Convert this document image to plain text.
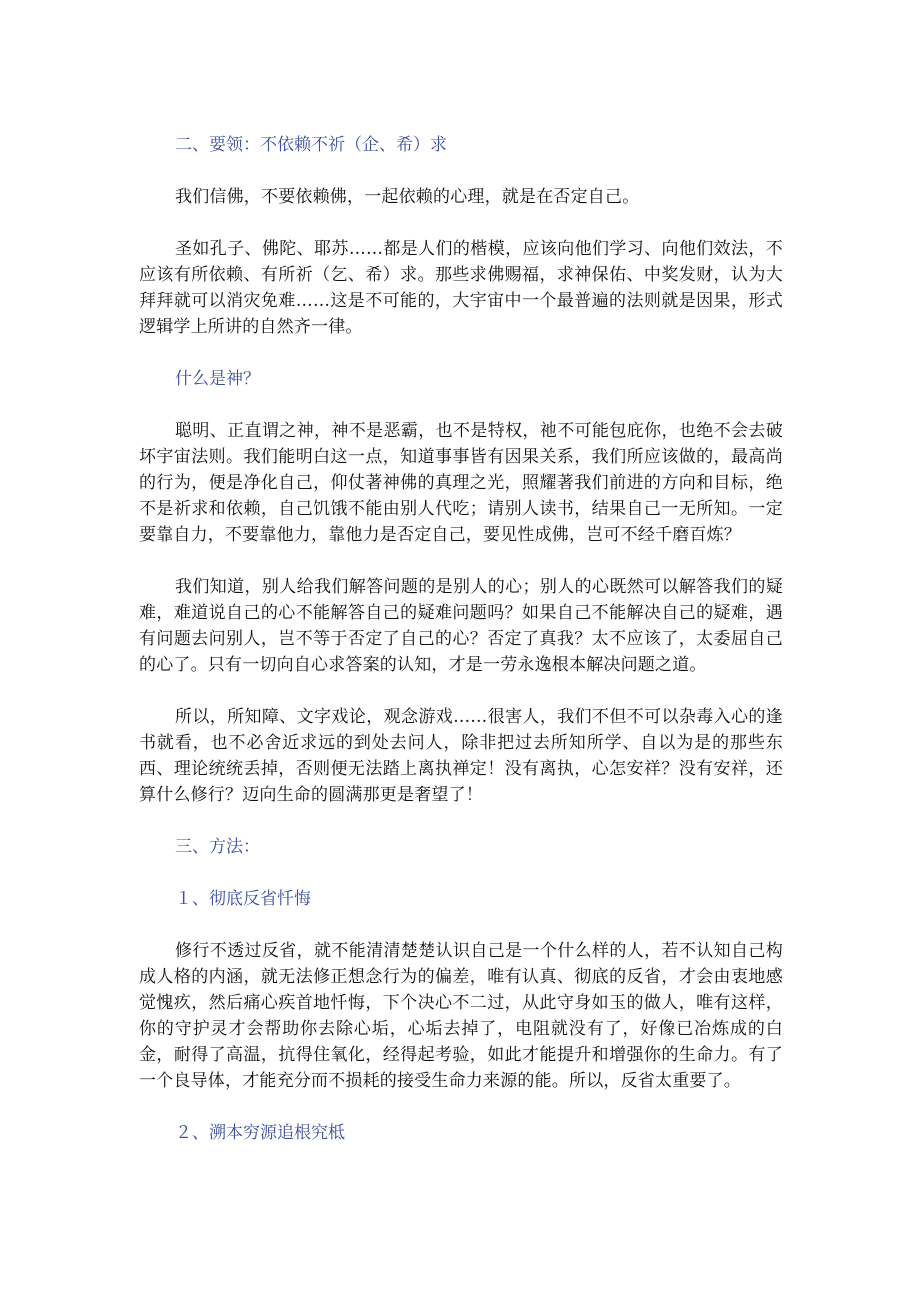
二、要领：不依赖不祈（企、希）求

我们信佛，不要依赖佛，一起依赖的心理，就是在否定自己。

圣如孔子、佛陀、耶苏……都是人们的楷模，应该向他们学习、向他们效法，不应该有所依赖、有所祈（乞、希）求。那些求佛赐福，求神保佑、中奖发财，认为大拜拜就可以消灾免难……这是不可能的，大宇宙中一个最普遍的法则就是因果，形式逻辑学上所讲的自然齐一律。

什么是神？

聪明、正直谓之神，神不是恶霸，也不是特权，祂不可能包庇你，也绝不会去破坏宇宙法则。我们能明白这一点，知道事事皆有因果关系，我们所应该做的，最高尚的行为，便是净化自己，仰仗著神佛的真理之光，照耀著我们前进的方向和目标，绝不是祈求和依赖，自己饥饿不能由别人代吃；请别人读书，结果自己一无所知。一定要靠自力，不要靠他力，靠他力是否定自己，要见性成佛，岂可不经千磨百炼？

我们知道，别人给我们解答问题的是别人的心；别人的心既然可以解答我们的疑难，难道说自己的心不能解答自己的疑难问题吗？如果自己不能解决自己的疑难，遇有问题去问别人，岂不等于否定了自己的心？否定了真我？太不应该了，太委屈自己的心了。只有一切向自心求答案的认知，才是一劳永逸根本解决问题之道。

所以，所知障、文字戏论，观念游戏……很害人，我们不但不可以杂毒入心的逢书就看，也不必舍近求远的到处去问人，除非把过去所知所学、自以为是的那些东西、理论统统丢掉，否则便无法踏上离执禅定！没有离执，心怎安祥？没有安祥，还算什么修行？迈向生命的圆满那更是奢望了！

三、方法：

１、彻底反省忏悔

修行不透过反省，就不能清清楚楚认识自己是一个什么样的人，若不认知自己构成人格的内涵，就无法修正想念行为的偏差，唯有认真、彻底的反省，才会由衷地感觉愧疚，然后痛心疾首地忏悔，下个决心不二过，从此守身如玉的做人，唯有这样，你的守护灵才会帮助你去除心垢，心垢去掉了，电阻就没有了，好像已冶炼成的白金，耐得了高温，抗得住氧化，经得起考验，如此才能提升和增强你的生命力。有了一个良导体，才能充分而不损耗的接受生命力来源的能。所以，反省太重要了。

２、溯本穷源追根究柢
